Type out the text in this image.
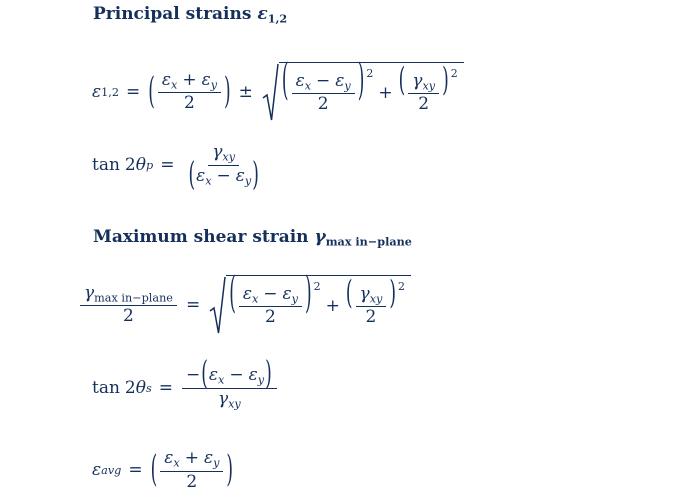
Principal strains $\varepsilon_{1,2}$
ε 1,2 = ( $\frac{\varepsilon_x + \varepsilon_y}{2}$ ) ± ( $\frac{\varepsilon_x - \varepsilon_y}{2}$ ) 2
+ ( $\frac{\gamma_{xy}}{2}$ ) 2
tan 2 θ $p = \frac{\gamma_{xy}}{(\varepsilon_x - \varepsilon_y)}$
Maximum shear strain $\gamma_{max in-plane}$
$\frac{\gamma_{max in-plane}}{2}$ = ( $\frac{\varepsilon_x - \varepsilon_y}{2}$ ) 2
+ ( $\frac{\gamma_{xy}}{2}$ ) 2
tan 2 θ $s = \frac{-(\varepsilon_x - \varepsilon_y)}{\gamma_{xy}}$
ε avg = ( $\frac{\varepsilon_x + \varepsilon_y}{2}$ )
